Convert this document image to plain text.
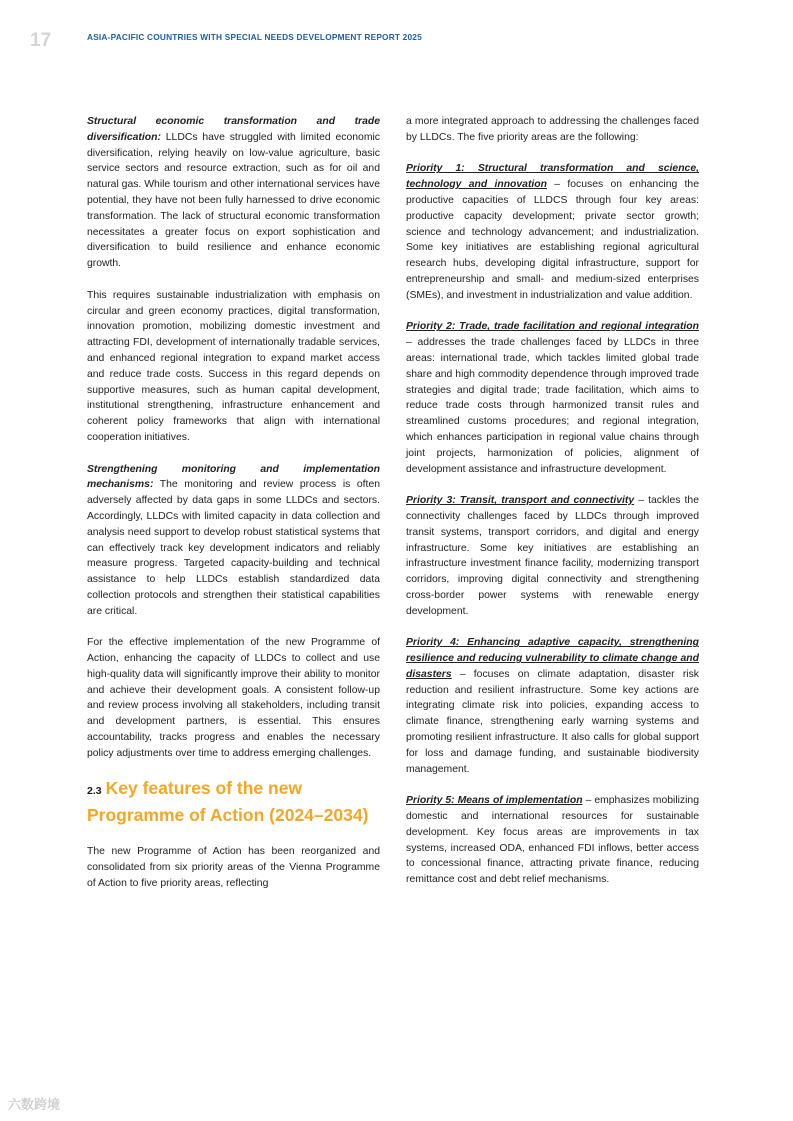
17	ASIA-PACIFIC COUNTRIES WITH SPECIAL NEEDS DEVELOPMENT REPORT 2025

Structural economic transformation and trade diversification: LLDCs have struggled with limited economic diversification, relying heavily on low-value agriculture, basic service sectors and resource extraction, such as for oil and natural gas. While tourism and other international services have potential, they have not been fully harnessed to drive economic transformation. The lack of structural economic transformation necessitates a greater focus on export sophistication and diversification to build resilience and enhance economic growth.

This requires sustainable industrialization with emphasis on circular and green economy practices, digital transformation, innovation promotion, mobilizing domestic investment and attracting FDI, development of internationally tradable services, and enhanced regional integration to expand market access and reduce trade costs. Success in this regard depends on supportive measures, such as human capital development, institutional strengthening, infrastructure enhancement and coherent policy frameworks that align with international cooperation initiatives.

Strengthening monitoring and implementation mechanisms: The monitoring and review process is often adversely affected by data gaps in some LLDCs and sectors. Accordingly, LLDCs with limited capacity in data collection and analysis need support to develop robust statistical systems that can effectively track key development indicators and reliably measure progress. Targeted capacity-building and technical assistance to help LLDCs establish standardized data collection protocols and strengthen their statistical capabilities are critical.

For the effective implementation of the new Programme of Action, enhancing the capacity of LLDCs to collect and use high-quality data will significantly improve their ability to monitor and achieve their development goals. A consistent follow-up and review process involving all stakeholders, including transit and development partners, is essential. This ensures accountability, tracks progress and enables the necessary policy adjustments over time to address emerging challenges.

2.3 Key features of the new Programme of Action (2024–2034)

The new Programme of Action has been reorganized and consolidated from six priority areas of the Vienna Programme of Action to five priority areas, reflecting

a more integrated approach to addressing the challenges faced by LLDCs. The five priority areas are the following:

Priority 1: Structural transformation and science, technology and innovation – focuses on enhancing the productive capacities of LLDCS through four key areas: productive capacity development; private sector growth; science and technology advancement; and industrialization. Some key initiatives are establishing regional agricultural research hubs, developing digital infrastructure, support for entrepreneurship and small- and medium-sized enterprises (SMEs), and investment in industrialization and value addition.

Priority 2: Trade, trade facilitation and regional integration – addresses the trade challenges faced by LLDCs in three areas: international trade, which tackles limited global trade share and high commodity dependence through improved trade strategies and digital trade; trade facilitation, which aims to reduce trade costs through harmonized transit rules and streamlined customs procedures; and regional integration, which enhances participation in regional value chains through joint projects, harmonization of policies, alignment of development assistance and infrastructure development.

Priority 3: Transit, transport and connectivity – tackles the connectivity challenges faced by LLDCs through improved transit systems, transport corridors, and digital and energy infrastructure. Some key initiatives are establishing an infrastructure investment finance facility, modernizing transport corridors, improving digital connectivity and strengthening cross-border power systems with renewable energy development.

Priority 4: Enhancing adaptive capacity, strengthening resilience and reducing vulnerability to climate change and disasters – focuses on climate adaptation, disaster risk reduction and resilient infrastructure. Some key actions are integrating climate risk into policies, expanding access to climate finance, strengthening early warning systems and promoting resilient infrastructure. It also calls for global support for loss and damage funding, and sustainable biodiversity management.

Priority 5: Means of implementation – emphasizes mobilizing domestic and international resources for sustainable development. Key focus areas are improvements in tax systems, increased ODA, enhanced FDI inflows, better access to concessional finance, attracting private finance, reducing remittance cost and debt relief mechanisms.

六数跨境
